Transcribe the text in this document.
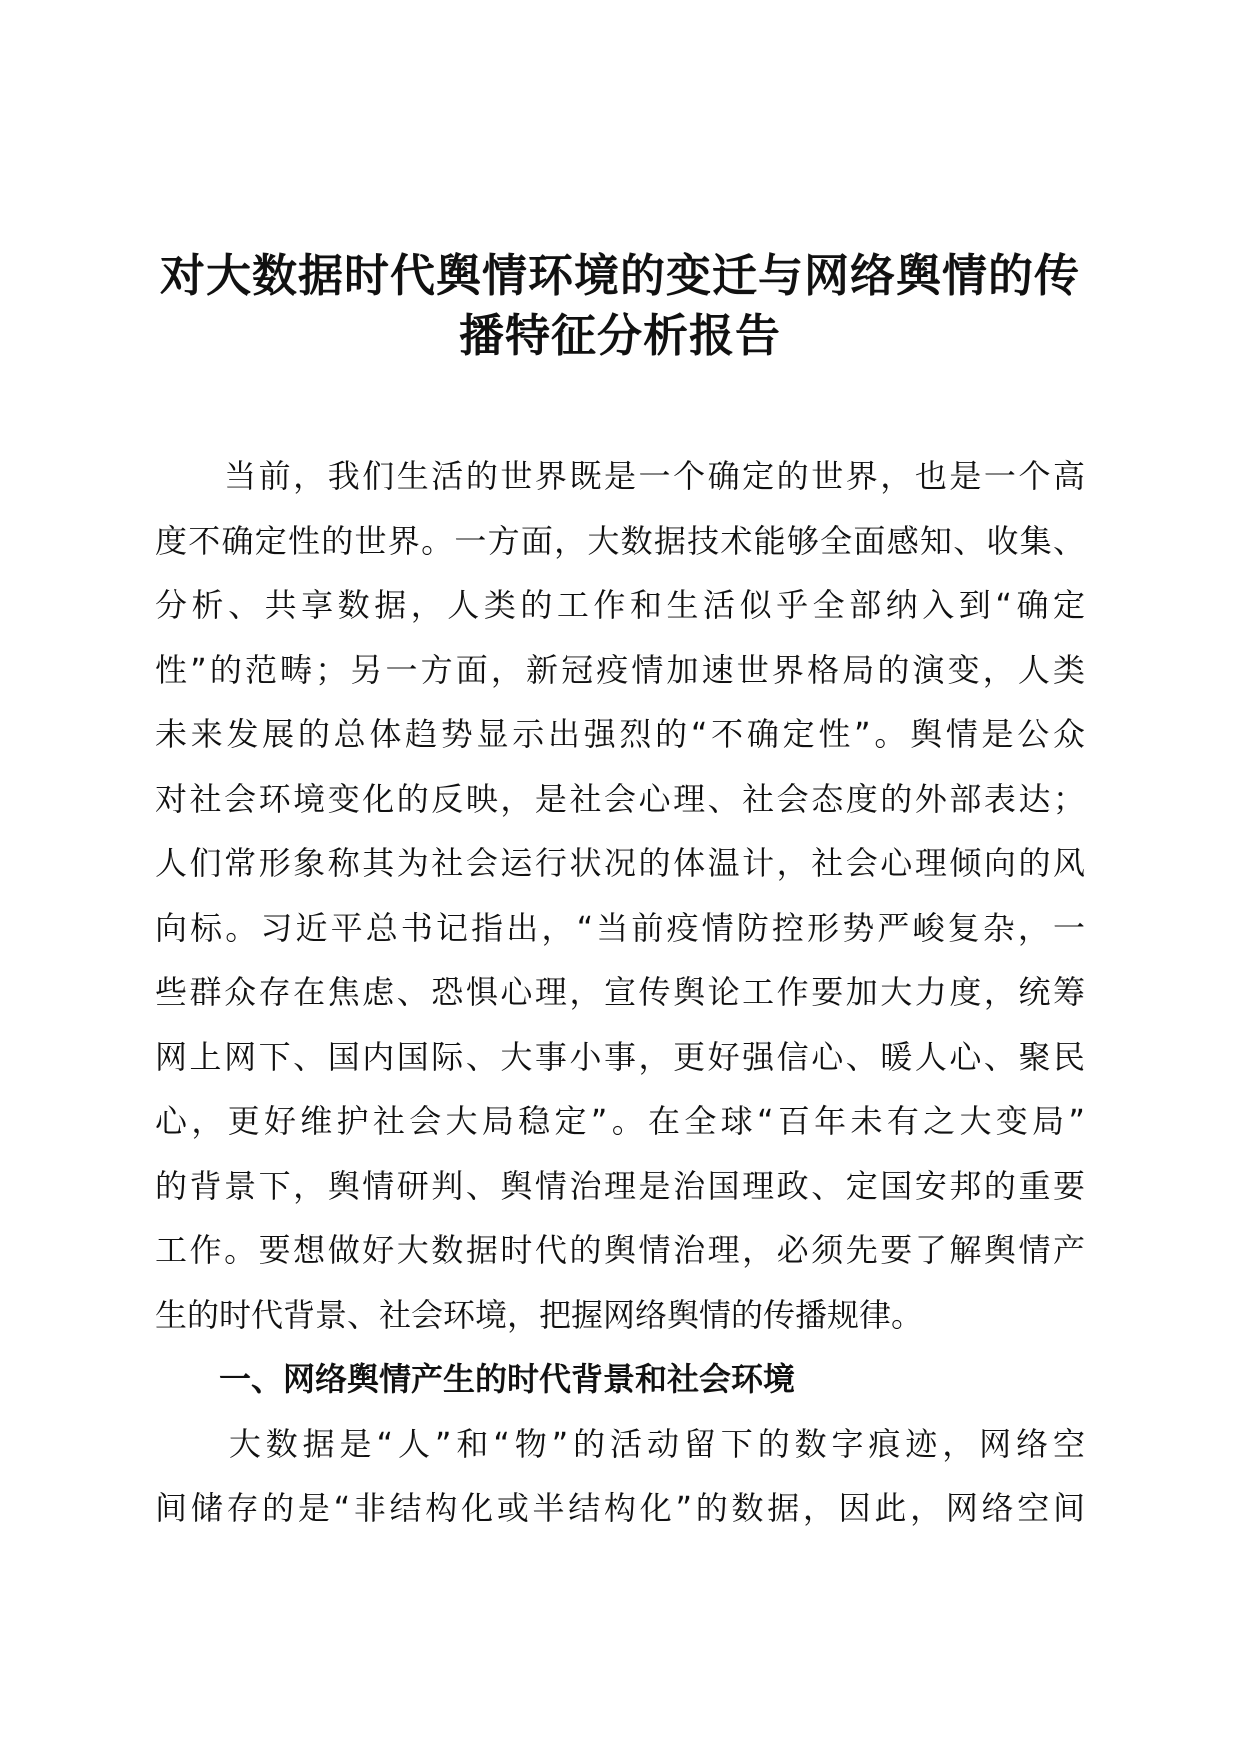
对大数据时代舆情环境的变迁与网络舆情的传
播特征分析报告
　　当前，我们生活的世界既是一个确定的世界，也是一个高
度不确定性的世界。一方面，大数据技术能够全面感知、收集、
分析、共享数据，人类的工作和生活似乎全部纳入到“确定
性”的范畴；另一方面，新冠疫情加速世界格局的演变，人类
未来发展的总体趋势显示出强烈的“不确定性”。舆情是公众
对社会环境变化的反映，是社会心理、社会态度的外部表达；
人们常形象称其为社会运行状况的体温计，社会心理倾向的风
向标。习近平总书记指出，“当前疫情防控形势严峻复杂，一
些群众存在焦虑、恐惧心理，宣传舆论工作要加大力度，统筹
网上网下、国内国际、大事小事，更好强信心、暖人心、聚民
心，更好维护社会大局稳定”。在全球“百年未有之大变局”
的背景下，舆情研判、舆情治理是治国理政、定国安邦的重要
工作。要想做好大数据时代的舆情治理，必须先要了解舆情产
生的时代背景、社会环境，把握网络舆情的传播规律。
一、网络舆情产生的时代背景和社会环境
　　大数据是“人”和“物”的活动留下的数字痕迹，网络空
间储存的是“非结构化或半结构化”的数据，因此，网络空间
